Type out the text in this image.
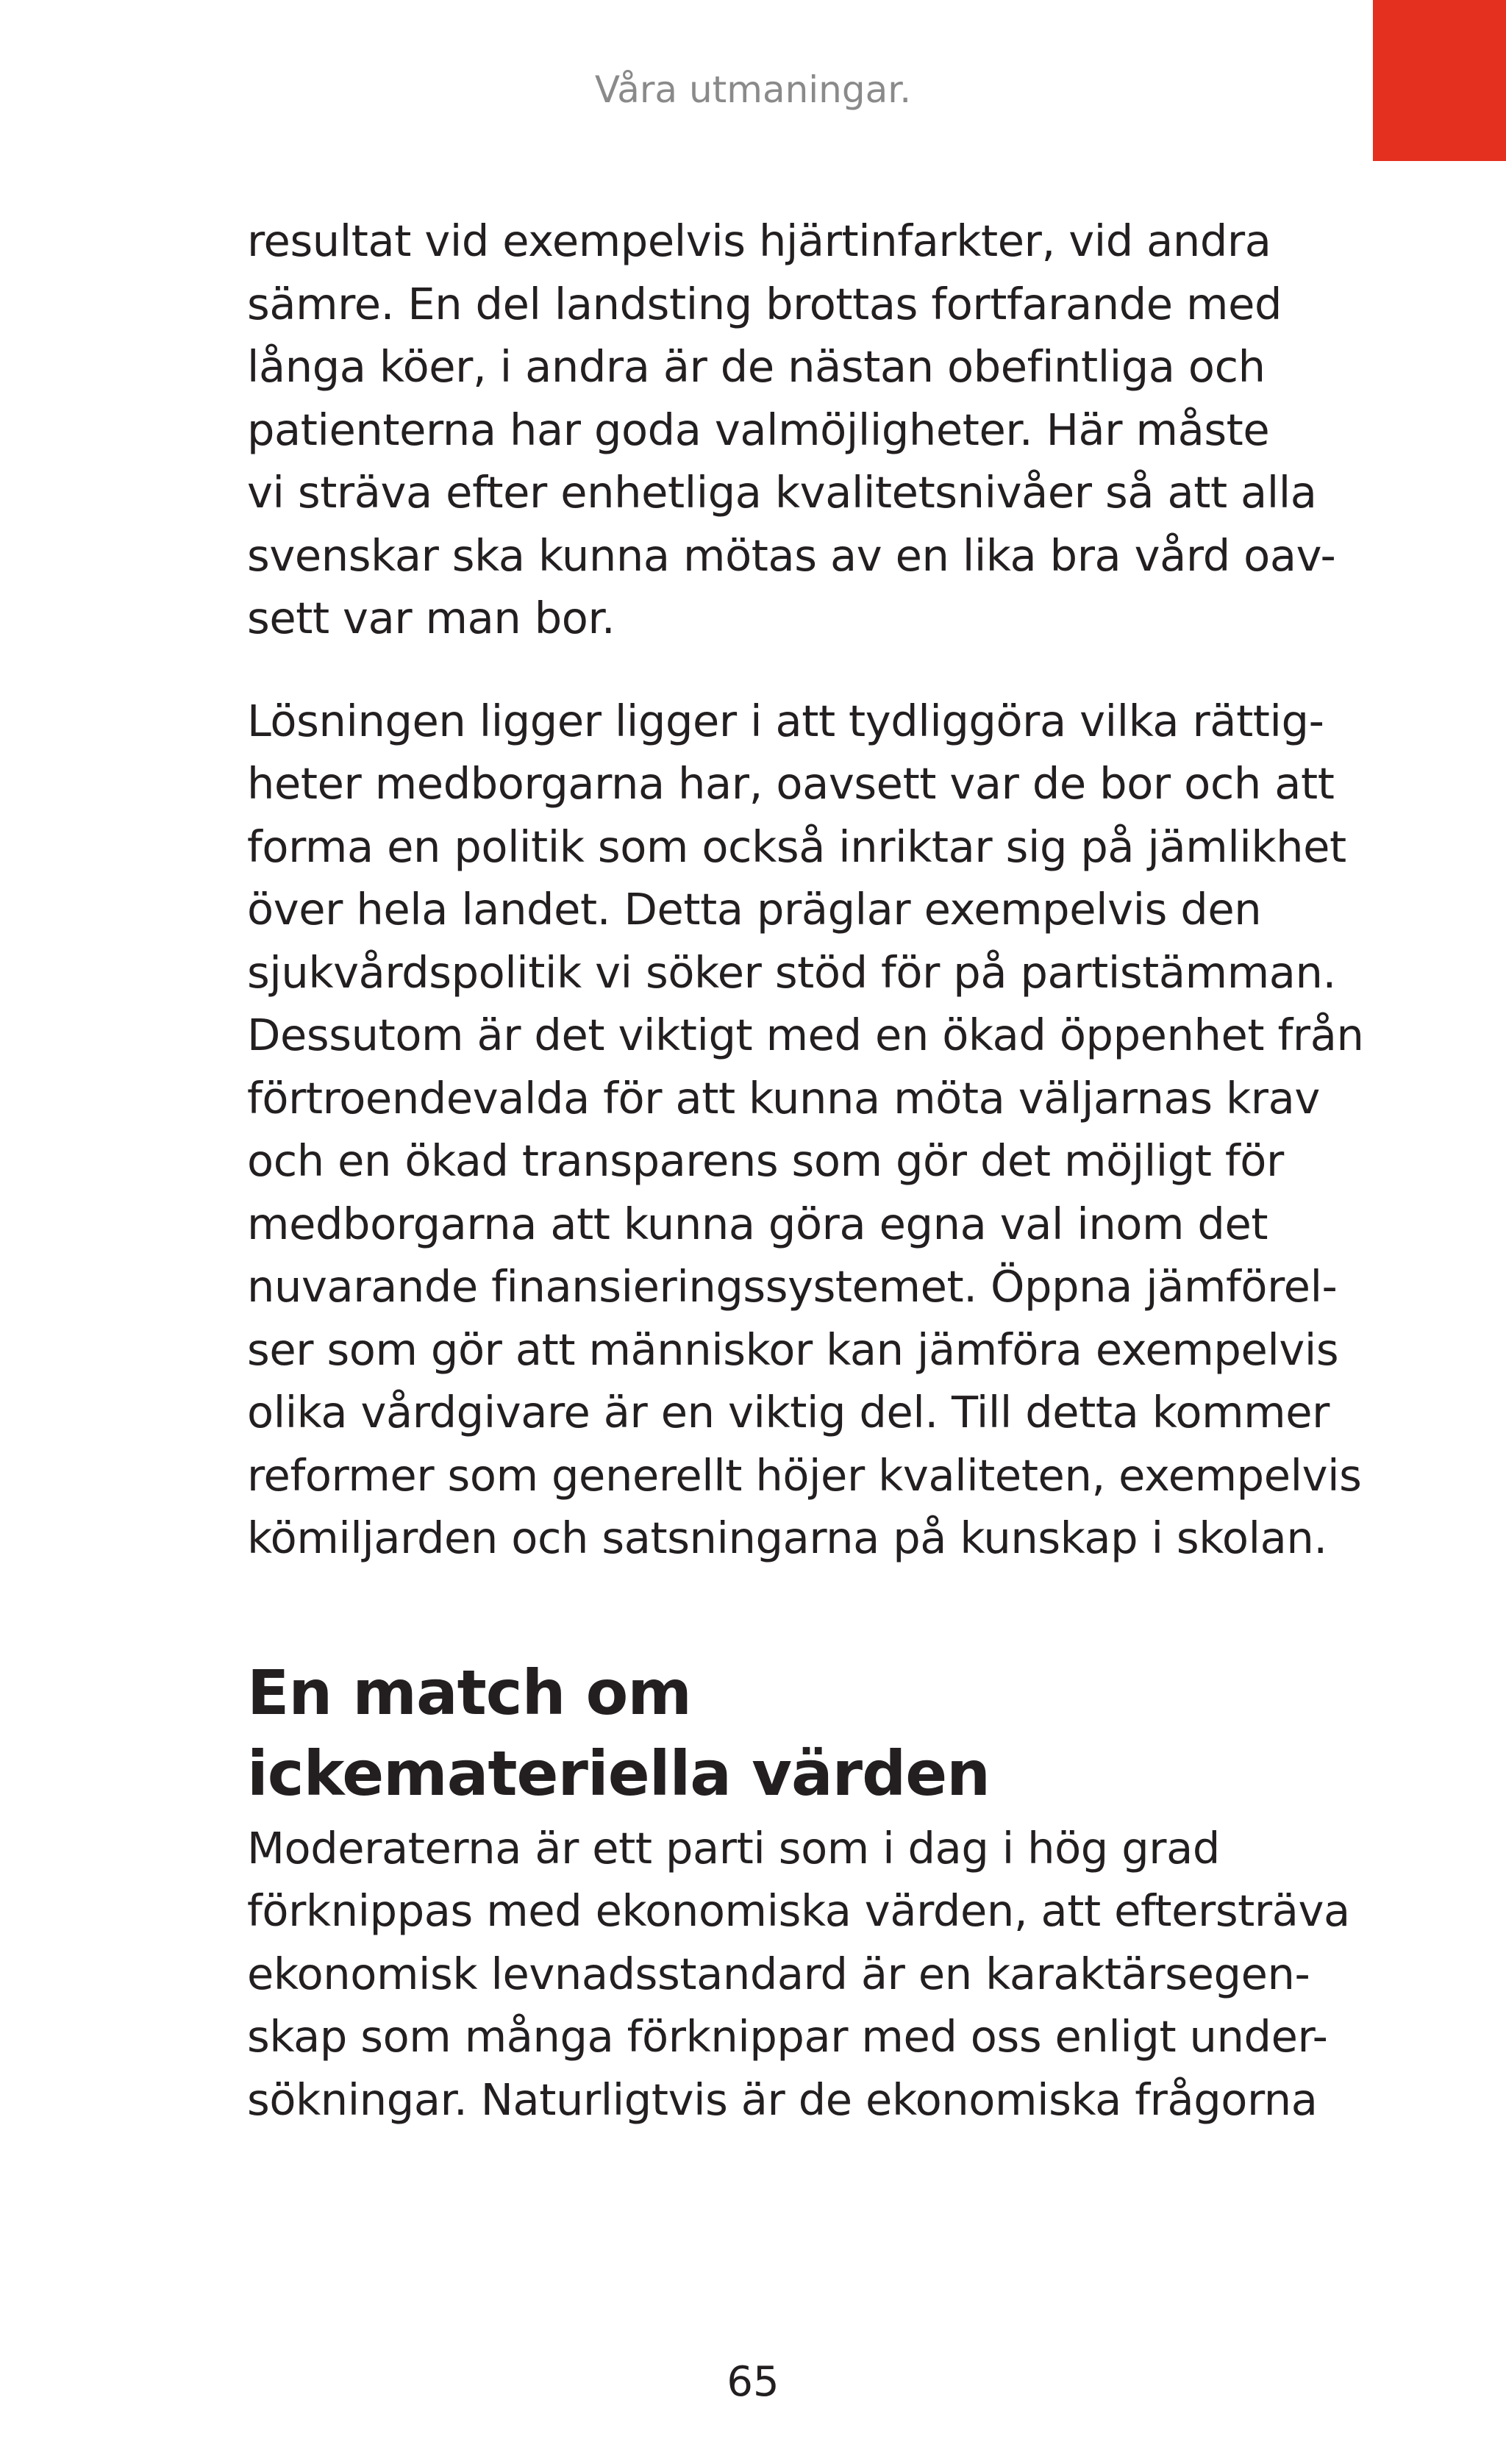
Våra utmaningar.
resultat vid exempelvis hjärtinfarkter, vid andra
sämre. En del landsting brottas fortfarande med
långa köer, i andra är de nästan obefintliga och
patienterna har goda valmöjligheter. Här måste
vi sträva efter enhetliga kvalitetsnivåer så att alla
svenskar ska kunna mötas av en lika bra vård oav-
sett var man bor.
Lösningen ligger ligger i att tydliggöra vilka rättig-
heter medborgarna har, oavsett var de bor och att
forma en politik som också inriktar sig på jämlikhet
över hela landet. Detta präglar exempelvis den
sjukvårdspolitik vi söker stöd för på partistämman.
Dessutom är det viktigt med en ökad öppenhet från
förtroendevalda för att kunna möta väljarnas krav
och en ökad transparens som gör det möjligt för
medborgarna att kunna göra egna val inom det
nuvarande finansieringssystemet. Öppna jämförel-
ser som gör att människor kan jämföra exempelvis
olika vårdgivare är en viktig del. Till detta kommer
reformer som generellt höjer kvaliteten, exempelvis
kömiljarden och satsningarna på kunskap i skolan.
En match om
ickemateriella värden
Moderaterna är ett parti som i dag i hög grad
förknippas med ekonomiska värden, att eftersträva
ekonomisk levnadsstandard är en karaktärsegen-
skap som många förknippar med oss enligt under-
sökningar. Naturligtvis är de ekonomiska frågorna
65
